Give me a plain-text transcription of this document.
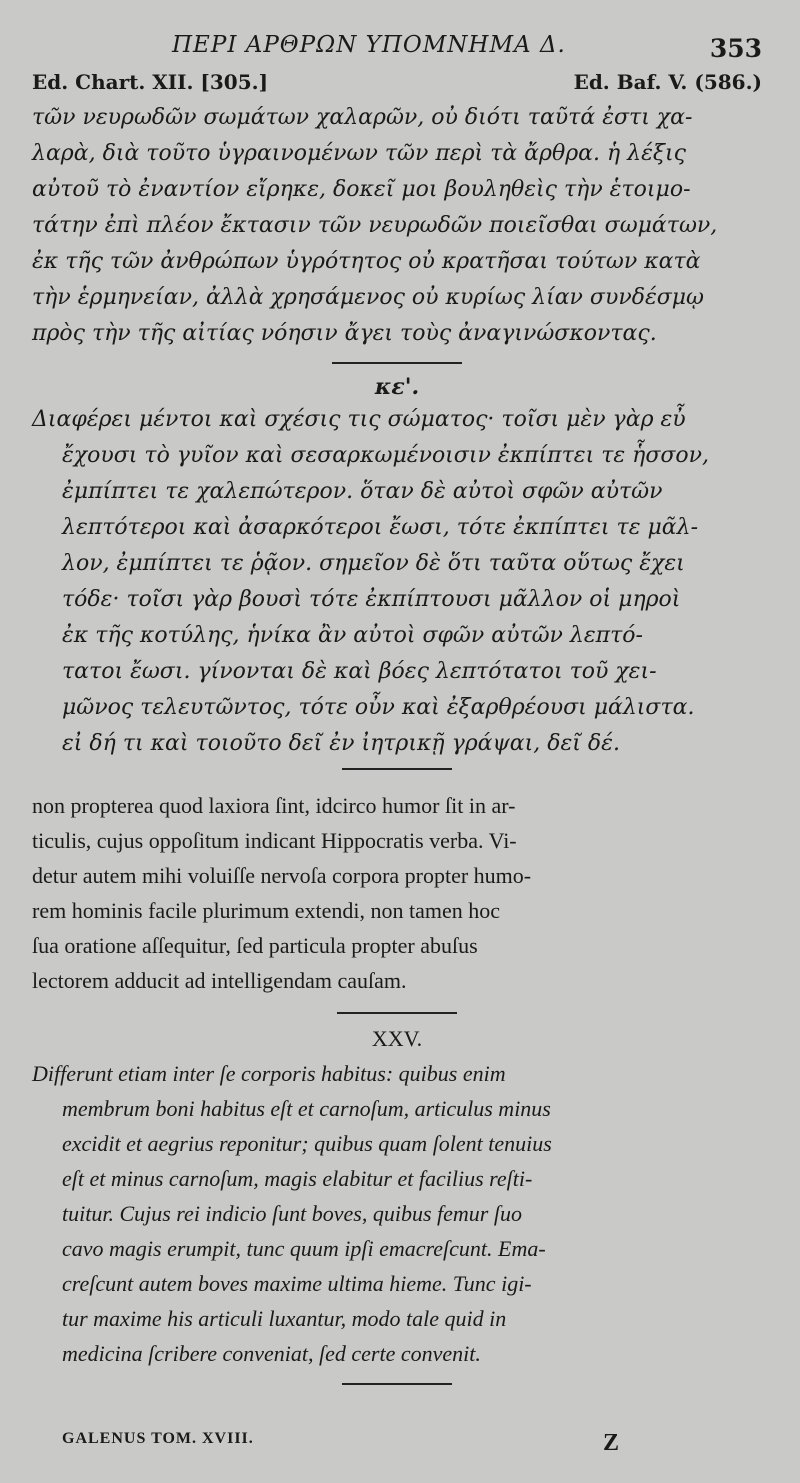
ΠΕΡΙ ΑΡΘΡΩΝ ΥΠΟΜΝΗΜΑ Δ.	353
Ed. Chart. XII. [305.]	Ed. Baf. V. (586.)

τῶν νευρωδῶν σωμάτων χαλαρῶν, οὐ διότι ταῦτά ἐστι χα-

λαρὰ, διὰ τοῦτο ὑγραινομένων τῶν περὶ τὰ ἄρθρα. ἡ λέξις

αὐτοῦ τὸ ἐναντίον εἴρηκε, δοκεῖ μοι βουληθεὶς τὴν ἑτοιμο-

τάτην ἐπὶ πλέον ἔκτασιν τῶν νευρωδῶν ποιεῖσθαι σωμάτων,

ἐκ τῆς τῶν ἀνθρώπων ὑγρότητος οὐ κρατῆσαι τούτων κατὰ

τὴν ἑρμηνείαν, ἀλλὰ χρησάμενος οὐ κυρίως λίαν συνδέσμῳ

πρὸς τὴν τῆς αἰτίας νόησιν ἄγει τοὺς ἀναγινώσκοντας.

κε'.

Διαφέρει μέντοι καὶ σχέσις τις σώματος· τοῖσι μὲν γὰρ εὖ

ἔχουσι τὸ γυῖον καὶ σεσαρκωμένοισιν ἐκπίπτει τε ἧσσον,

ἐμπίπτει τε χαλεπώτερον. ὅταν δὲ αὐτοὶ σφῶν αὐτῶν

λεπτότεροι καὶ ἀσαρκότεροι ἔωσι, τότε ἐκπίπτει τε μᾶλ-

λον, ἐμπίπτει τε ῥᾷον. σημεῖον δὲ ὅτι ταῦτα οὕτως ἔχει

τόδε· τοῖσι γὰρ βουσὶ τότε ἐκπίπτουσι μᾶλλον οἱ μηροὶ

ἐκ τῆς κοτύλης, ἡνίκα ἂν αὐτοὶ σφῶν αὐτῶν λεπτό-

τατοι ἔωσι. γίνονται δὲ καὶ βόες λεπτότατοι τοῦ χει-

μῶνος τελευτῶντος, τότε οὖν καὶ ἐξαρθρέουσι μάλιστα.

εἰ δή τι καὶ τοιοῦτο δεῖ ἐν ἰητρικῇ γράψαι, δεῖ δέ.

non propterea quod laxiora ſint, idcirco humor ſit in ar-

ticulis, cujus oppoſitum indicant Hippocratis verba. Vi-

detur autem mihi voluiſſe nervoſa corpora propter humo-

rem hominis facile plurimum extendi, non tamen hoc

ſua oratione aſſequitur, ſed particula propter abuſus

lectorem adducit ad intelligendam cauſam.

XXV.

Differunt etiam inter ſe corporis habitus: quibus enim

membrum boni habitus eſt et carnoſum, articulus minus

excidit et aegrius reponitur; quibus quam ſolent tenuius

eſt et minus carnoſum, magis elabitur et facilius reſti-

tuitur. Cujus rei indicio ſunt boves, quibus femur ſuo

cavo magis erumpit, tunc quum ipſi emacreſcunt. Ema-

creſcunt autem boves maxime ultima hieme. Tunc igi-

tur maxime his articuli luxantur, modo tale quid in

medicina ſcribere conveniat, ſed certe convenit.

GALENUS TOM. XVIII.	Z
